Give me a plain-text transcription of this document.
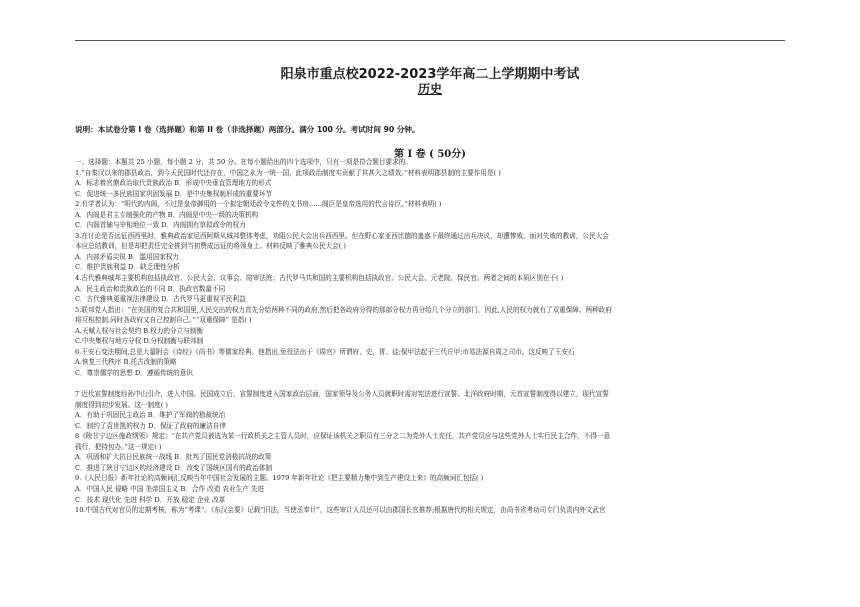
阳泉市重点校2022-2023学年高二上学期期中考试
历史
说明：本试卷分第 I 卷（选择题）和第 II 卷（非选择题）两部分。满分 100 分。考试时间 90 分钟。
第 I 卷 ( 50分)
一、选择题：本题共 25 小题，每小题 2 分，共 50 分。在每小题给出的四个选项中，只有一项是符合题目要求的。
1.“自秦汉以来的郡县政治，到今天民国时代还存在，中国之永为一统一国，此项政治制度实贡献了其甚大之绩效。”材料表明郡县制的主要作用是( )
A．标志着官僚政治取代贵族政治 B．形成中央垂直管理地方的形式
C．促进统一多民族国家巩固发展 D．是中央集权制形成的重要环节
2.有学者认为：“明代的内阁，不过是皇帝御用的一个拟定朝廷政令文件的文书房……阁臣是皇帝选用的代言侍臣。”材料表明( )
A．内阁是君主专制强化的产物 B．内阁是中央一级的决策机构
C．内阁首辅与宰相地位一致 D．内阁拥有草拟政令的权力
3.在讨论是否远征西西里时，雅典政治家尼西阿斯从城邦整体考虑，劝阻公民大会出兵西西里。但在野心家亚西比德的蛊惑下最终通过出兵决议，却遭惨败。面对失败的教训，公民大会
本应总结教训，但是却把责任完全推到当初赞成远征的将领身上。材料反映了雅典公民大会( )
A．内部矛盾尖锐 B．滥用国家权力
C．维护贵族利益 D．缺乏理性分析
4.古代雅典城邦主要机构包括执政官、公民大会、议事会、陪审法庭；古代罗马共和国的主要机构包括执政官、公民大会、元老院、保民官。两者之间的本质区别在于( )
A．民主政治和贵族政治的不同 B．执政官数量不同
C．古代雅典更重视法律建设 D．古代罗马更重视平民利益
5.联邦党人指出：“在美国的复合共和国里,人民交出的权力首先分给两种不同的政府,然后把各政府分得的那部分权力再分给几个分立的部门，因此,人民的权力就有了双重保障。两种政府
将互相控制,同时各政府又自己控制自己。”“双重保障” 是指( )
A.天赋人权与社会契约 B.权力的分立与制衡
C.中央集权与地方分权 D.分权制衡与联邦制
6.王安石变法期间,总是大量附会《诗经》《尚书》等儒家经典。他指出,免役法出于《周官》所谓府、史、胥、徒;保甲法起于三代丘甲;市易法源自周之司市。这反映了王安石
A.恢复三代秩序 B.托古改制的策略
C．尊崇儒学的思想 D．遵循传统的意识
7 近代宣誓制度经孙中山引介，进入中国。民国成立后，宣誓制度进入国家政治层面，国家领导及公务人员就职时需对宪法进行宣誓。北洋政府时期，元首宣誓制度得以建立，现代宣誓
制度得到初步发展。这一制度( )
A．有助于巩固民主政治 B．维护了军阀的独裁统治
C．制约了袁世凯的权力 D．保证了政府的廉洁自律
8《陕甘宁边区施政纲领》规定：“在共产党员被选为某一行政机关之主管人员时，应保证该机关之职员有三分之二为党外人士充任，共产党员应与这些党外人士实行民主合作，不得一意
孤行，把持包办。”这一规定( )
A．巩固和扩大抗日民族统一战线 B．批判了国民党消极抗战的政策
C．推进了陕甘宁边区的经济建设 D．改变了国统区国有的政治体制
9.《人民日报》新年社论的高频词汇反映当年中国社会发展的主题。1979 年新年社论《把主要精力集中到生产建设上来》的高频词汇包括( )
A．中国人民 侵略 中国 美帝国主义 B．合作 改造 农业生产 先进
C．技术 现代化 先进 科学 D．开放 稳定 企业 改革
10.中国古代对官员的定期考核，称为“考课”。《东汉会要》记载“旧法，当使丞奉计”，这些审计人员还可以由郡国长官推荐;根据唐代的相关规定，由尚书省考功司专门负责内外文武官
